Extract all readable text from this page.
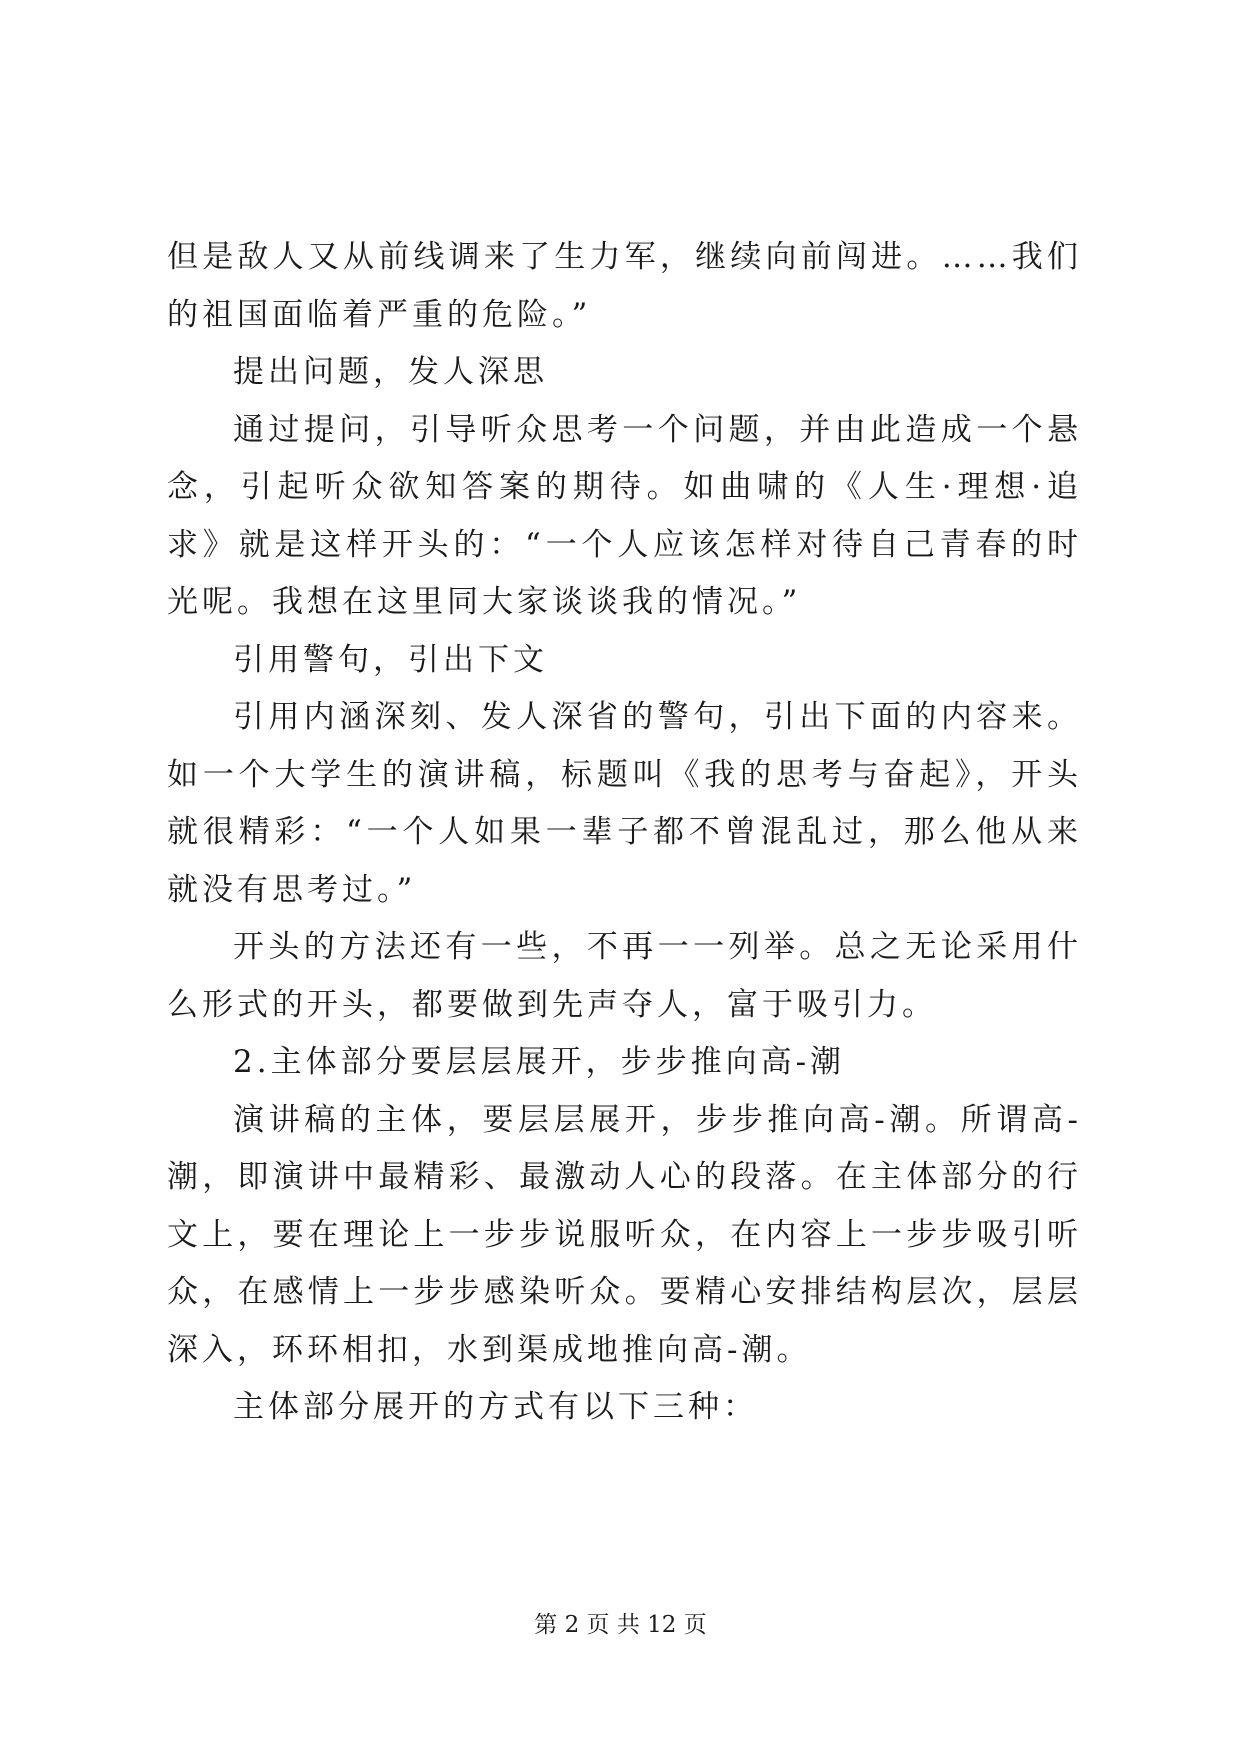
但是敌人又从前线调来了生力军，继续向前闯进。……我们的祖国面临着严重的危险。”

提出问题，发人深思

通过提问，引导听众思考一个问题，并由此造成一个悬念，引起听众欲知答案的期待。如曲啸的《人生·理想·追求》就是这样开头的：“一个人应该怎样对待自己青春的时光呢。我想在这里同大家谈谈我的情况。”

引用警句，引出下文

引用内涵深刻、发人深省的警句，引出下面的内容来。如一个大学生的演讲稿，标题叫《我的思考与奋起》，开头就很精彩：“一个人如果一辈子都不曾混乱过，那么他从来就没有思考过。”

开头的方法还有一些，不再一一列举。总之无论采用什么形式的开头，都要做到先声夺人，富于吸引力。

2.主体部分要层层展开，步步推向高-潮

演讲稿的主体，要层层展开，步步推向高-潮。所谓高-潮，即演讲中最精彩、最激动人心的段落。在主体部分的行文上，要在理论上一步步说服听众，在内容上一步步吸引听众，在感情上一步步感染听众。要精心安排结构层次，层层深入，环环相扣，水到渠成地推向高-潮。

主体部分展开的方式有以下三种：

第 2 页 共 12 页
